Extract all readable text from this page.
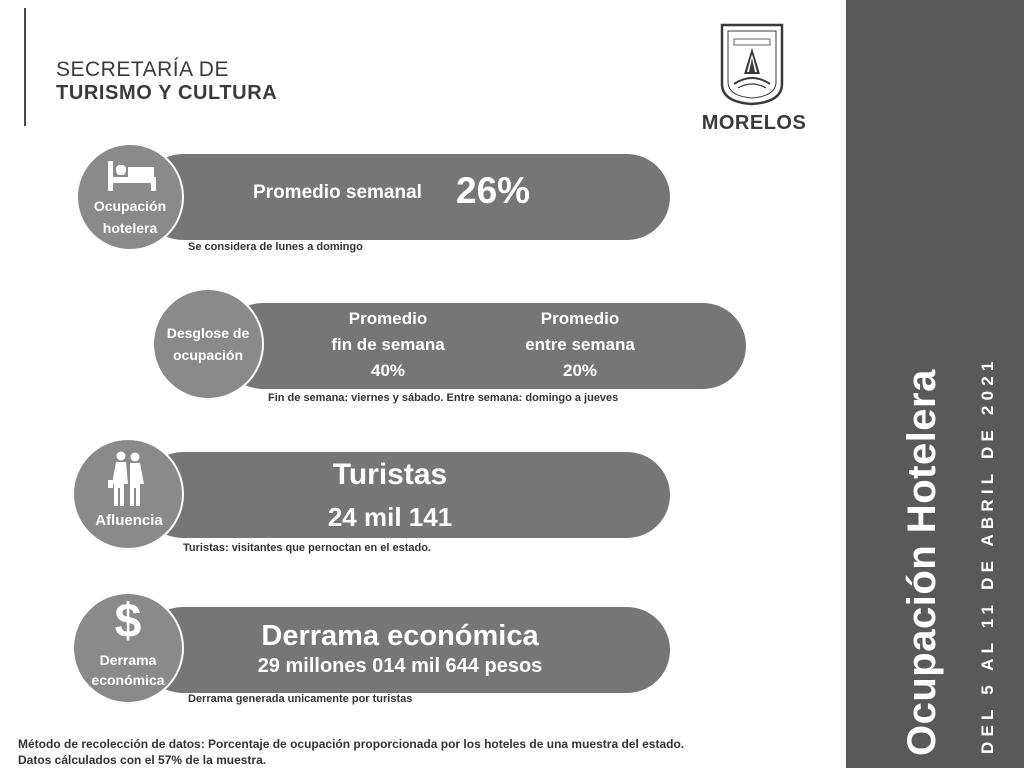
SECRETARÍA DE
TURISMO Y CULTURA
MORELOS
Ocupación Hotelera DEL 5 AL 11 DE ABRIL DE 2021
Ocupación
hotelera
Promedio semanal 26%
Se considera de lunes a domingo
Desglose de
ocupación
Promedio
fin de semana
40%
Promedio
entre semana
20%
Fin de semana: viernes y sábado. Entre semana: domingo a jueves
Afluencia
Turistas
24 mil 141
Turistas: visitantes que pernoctan en el estado.
$
Derrama
económica
Derrama económica
29 millones 014 mil 644 pesos
Derrama generada unicamente por turistas
Método de recolección de datos: Porcentaje de ocupación proporcionada por los hoteles de una muestra del estado.
Datos cálculados con el 57% de la muestra.
